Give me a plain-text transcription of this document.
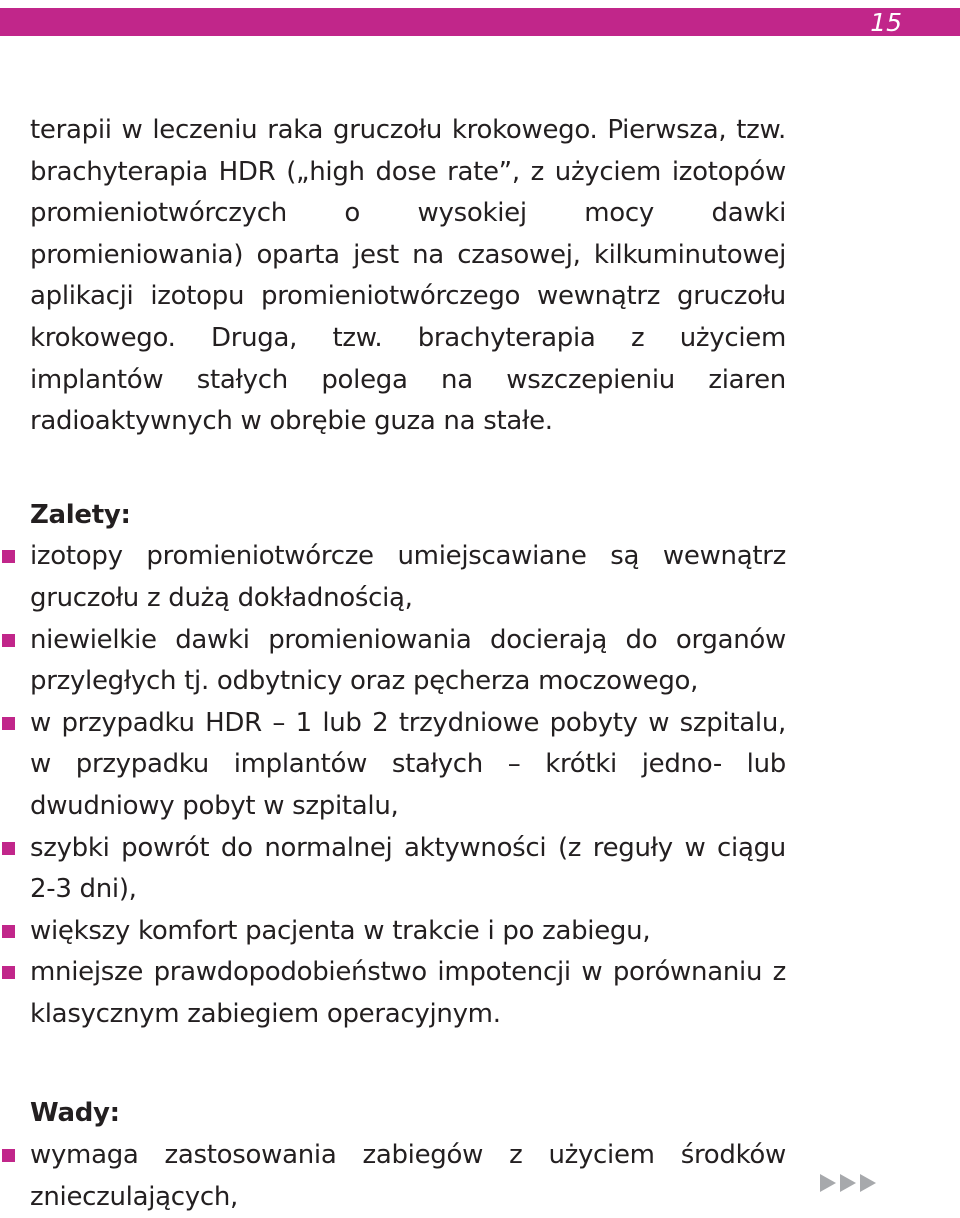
15

terapii w leczeniu raka gruczołu krokowego. Pierwsza, tzw. brachyterapia HDR („high dose rate”, z użyciem izotopów promieniotwórczych o wysokiej mocy dawki promieniowania) oparta jest na czasowej, kilkuminutowej aplikacji izotopu promieniotwórczego wewnątrz gruczołu krokowego. Druga, tzw. brachyterapia z użyciem implantów stałych polega na wszczepieniu ziaren radioaktywnych w obrębie guza na stałe.

Zalety:
izotopy promieniotwórcze umiejscawiane są wewnątrz gruczołu z dużą dokładnością,
niewielkie dawki promieniowania docierają do organów przyległych tj. odbytnicy oraz pęcherza moczowego,
w przypadku HDR – 1 lub 2 trzydniowe pobyty w szpitalu, w przypadku implantów stałych – krótki jedno- lub dwudniowy pobyt w szpitalu,
szybki powrót do normalnej aktywności (z reguły w ciągu 2-3 dni),
większy komfort pacjenta w trakcie i po zabiegu,
mniejsze prawdopodobieństwo impotencji w porównaniu z klasycznym zabiegiem operacyjnym.
Wady:
wymaga zastosowania zabiegów z użyciem środków znieczulających,
